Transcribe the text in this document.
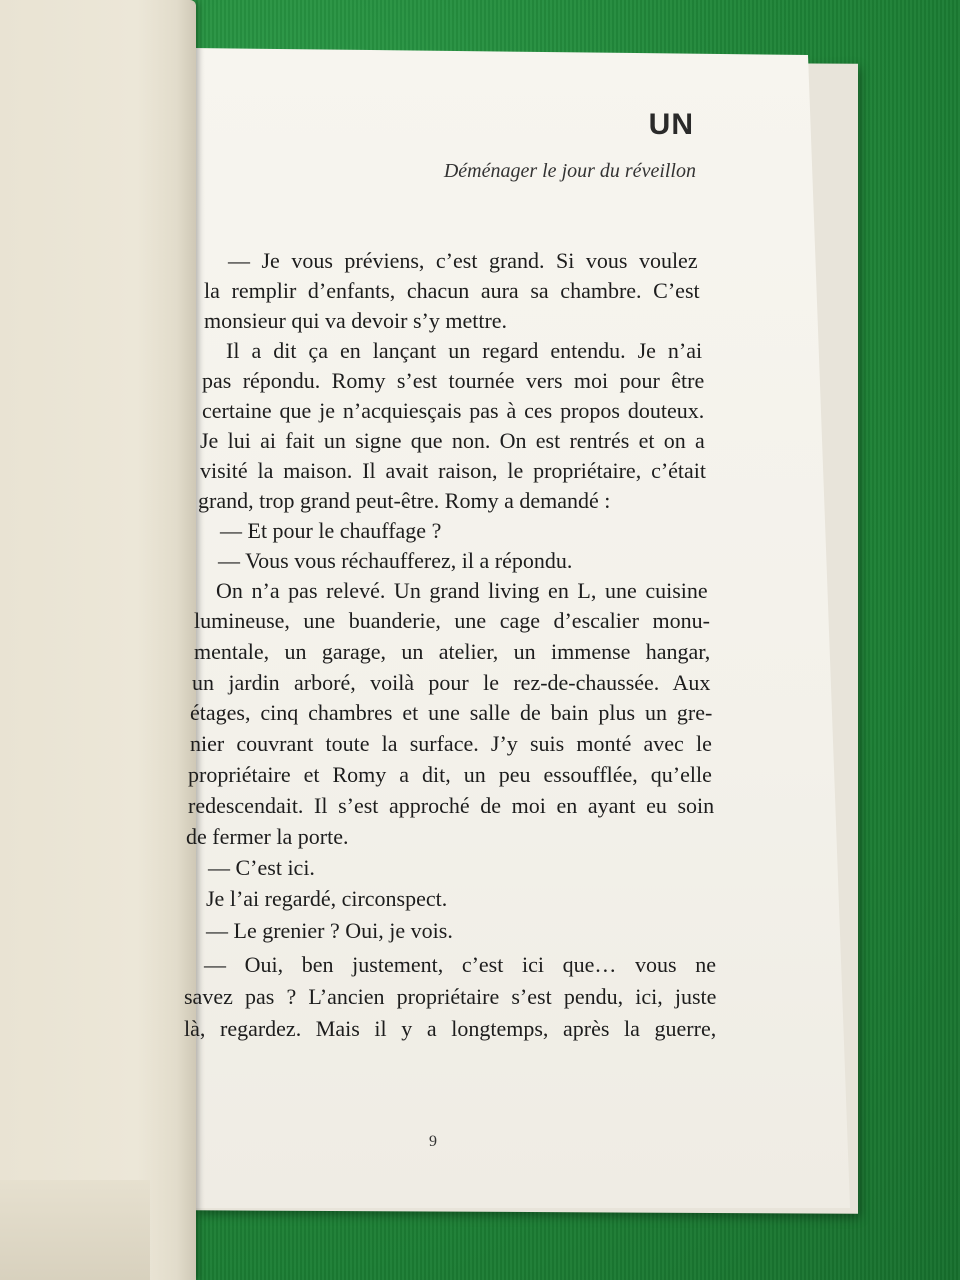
UN
Déménager le jour du réveillon
— Je vous préviens, c’est grand. Si vous voulez
la remplir d’enfants, chacun aura sa chambre. C’est
monsieur qui va devoir s’y mettre.
Il a dit ça en lançant un regard entendu. Je n’ai
pas répondu. Romy s’est tournée vers moi pour être
certaine que je n’acquiesçais pas à ces propos douteux.
Je lui ai fait un signe que non. On est rentrés et on a
visité la maison. Il avait raison, le propriétaire, c’était
grand, trop grand peut-être. Romy a demandé :
— Et pour le chauffage ?
— Vous vous réchaufferez, il a répondu.
On n’a pas relevé. Un grand living en L, une cuisine
lumineuse, une buanderie, une cage d’escalier monu-
mentale, un garage, un atelier, un immense hangar,
un jardin arboré, voilà pour le rez-de-chaussée. Aux
étages, cinq chambres et une salle de bain plus un gre-
nier couvrant toute la surface. J’y suis monté avec le
propriétaire et Romy a dit, un peu essoufflée, qu’elle
redescendait. Il s’est approché de moi en ayant eu soin
de fermer la porte.
— C’est ici.
Je l’ai regardé, circonspect.
— Le grenier ? Oui, je vois.
— Oui, ben justement, c’est ici que… vous ne
savez pas ? L’ancien propriétaire s’est pendu, ici, juste
là, regardez. Mais il y a longtemps, après la guerre,
9
